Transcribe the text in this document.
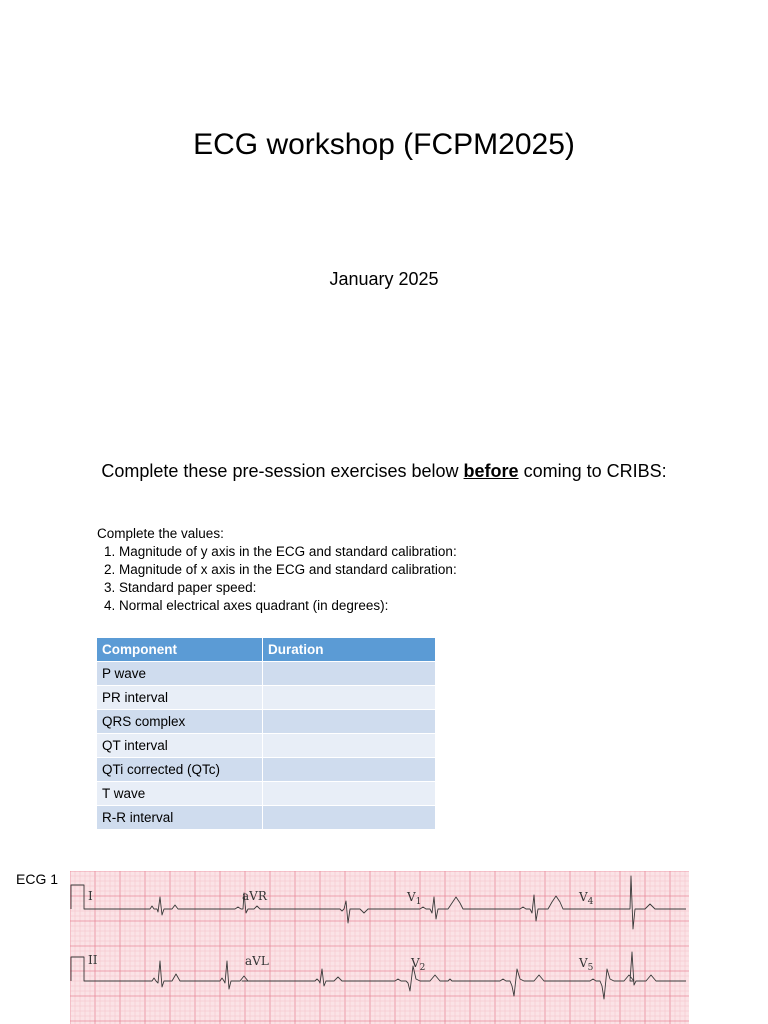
ECG workshop (FCPM2025)
January 2025
Complete these pre-session exercises below before coming to CRIBS:
Complete the values:
1. Magnitude of y axis in the ECG and standard calibration:
2. Magnitude of x axis in the ECG and standard calibration:
3. Standard paper speed:
4. Normal electrical axes quadrant (in degrees):
Component	Duration
P wave	
PR interval	
QRS complex	
QT interval	
QTi corrected (QTc)	
T wave	
R-R interval	
ECG 1
I	aVR	$V_1$	$V_4$
II	aVL	$V_2$	$V_5$
